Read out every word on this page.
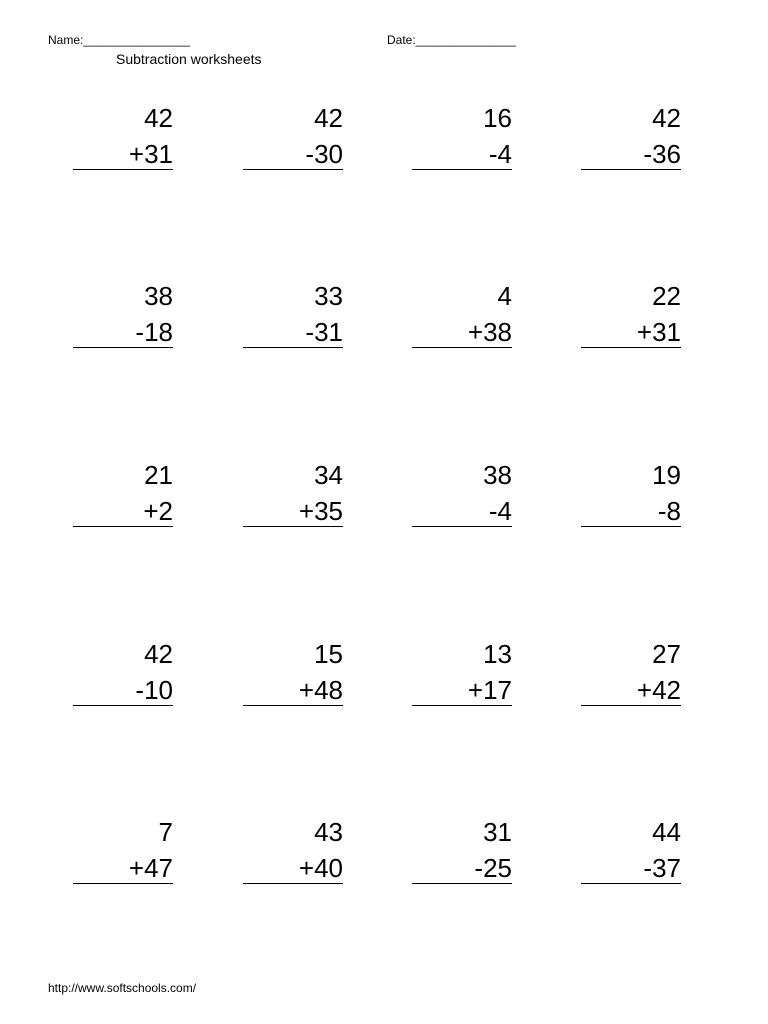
Name:________________	Date:_______________
Subtraction worksheets
42
+31
42
-30
16
-4
42
-36
38
-18
33
-31
4
+38
22
+31
21
+2
34
+35
38
-4
19
-8
42
-10
15
+48
13
+17
27
+42
7
+47
43
+40
31
-25
44
-37
http://www.softschools.com/
